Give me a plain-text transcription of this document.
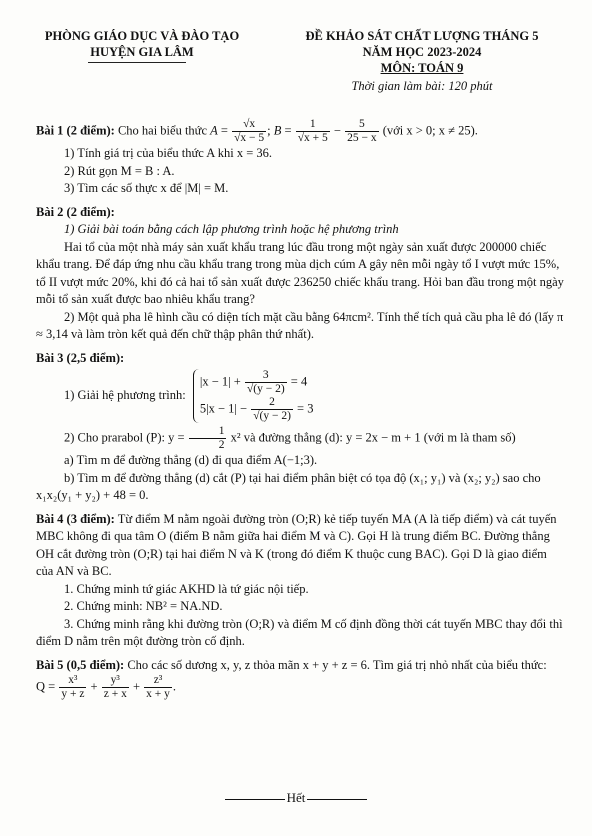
PHÒNG GIÁO DỤC VÀ ĐÀO TẠO
HUYỆN GIA LÂM
ĐỀ KHẢO SÁT CHẤT LƯỢNG THÁNG 5
NĂM HỌC 2023-2024
MÔN: TOÁN 9
Thời gian làm bài: 120 phút

Bài 1 (2 điểm): Cho hai biểu thức $A = \frac{√x}{√x - 5}$ ; $B = \frac{1}{√x + 5} - \frac{5}{25 - x}$ (với x > 0; x ≠ 25).

1) Tính giá trị của biểu thức A khi x = 36.

2) Rút gọn M = B : A.

3) Tìm các số thực x để |M| = M.

Bài 2 (2 điểm):

1) Giải bài toán bằng cách lập phương trình hoặc hệ phương trình

Hai tổ của một nhà máy sản xuất khẩu trang lúc đầu trong một ngày sản xuất được 200000 chiếc khẩu trang. Để đáp ứng nhu cầu khẩu trang trong mùa dịch cúm A gây nên mỗi ngày tổ I vượt mức 15%, tổ II vượt mức 20%, khi đó cả hai tổ sản xuất được 236250 chiếc khẩu trang. Hỏi ban đầu trong một ngày mỗi tổ sản xuất được bao nhiêu khẩu trang?

2) Một quả pha lê hình cầu có diện tích mặt cầu bằng 64πcm². Tính thể tích quả cầu pha lê đó (lấy π ≈ 3,14 và làm tròn kết quả đến chữ thập phân thứ nhất).

Bài 3 (2,5 điểm):

1) Giải hệ phương trình:
$|x - 1| + \frac{3}{√(y - 2)} = 4$
$5|x - 1| - \frac{2}{√(y - 2)} = 3$

2) Cho prarabol (P): $y = \frac{1}{2} x^2$ và đường thẳng (d): y = 2x − m + 1 (với m là tham số)

a) Tìm m để đường thẳng (d) đi qua điểm A(−1;3).

b) Tìm m để đường thẳng (d) cắt (P) tại hai điểm phân biệt có tọa độ (x₁; y₁) và (x₂; y₂) sao cho x₁x₂(y₁ + y₂) + 48 = 0.

Bài 4 (3 điểm): Từ điểm M nằm ngoài đường tròn (O;R) kẻ tiếp tuyến MA (A là tiếp điểm) và cát tuyến MBC không đi qua tâm O (điểm B nằm giữa hai điểm M và C). Gọi H là trung điểm BC. Đường thẳng OH cắt đường tròn (O;R) tại hai điểm N và K (trong đó điểm K thuộc cung BAC). Gọi D là giao điểm của AN và BC.

1. Chứng minh tứ giác AKHD là tứ giác nội tiếp.

2. Chứng minh: NB² = NA.ND.

3. Chứng minh rằng khi đường tròn (O;R) và điểm M cố định đồng thời cát tuyến MBC thay đổi thì điểm D nằm trên một đường tròn cố định.

Bài 5 (0,5 điểm): Cho các số dương x, y, z thỏa mãn x + y + z = 6. Tìm giá trị nhỏ nhất của biểu thức:

$Q = \frac{\text{x³}}{y + z} + \frac{\text{y³}}{z + x} + \frac{\text{z³}}{x + y}$ .

Hết
